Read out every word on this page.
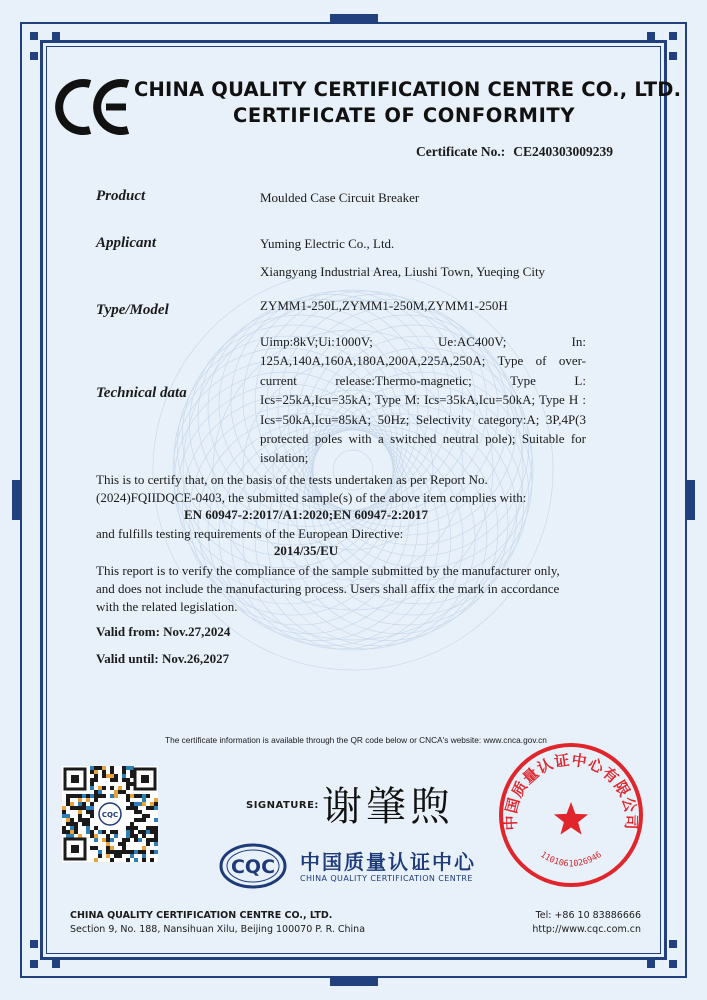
CHINA QUALITY CERTIFICATION CENTRE CO., LTD.
CERTIFICATE OF CONFORMITY
Certificate No.: CE240303009239
Product	Moulded Case Circuit Breaker
Applicant	Yuming Electric Co., Ltd.
Xiangyang Industrial Area, Liushi Town, Yueqing City
Type/Model	ZYMM1-250L,ZYMM1-250M,ZYMM1-250H
Technical data
Uimp:8kV;Ui:1000V; Ue:AC400V; In: 125A,140A,160A,180A,200A,225A,250A; Type of over-current release:Thermo-magnetic; Type L: Ics=25kA,Icu=35kA; Type M: Ics=35kA,Icu=50kA; Type H : Ics=50kA,Icu=85kA; 50Hz; Selectivity category:A; 3P,4P(3 protected poles with a switched neutral pole); Suitable for isolation;
This is to certify that, on the basis of the tests undertaken as per Report No.
(2024)FQIIDQCE-0403, the submitted sample(s) of the above item complies with:
EN 60947-2:2017/A1:2020;EN 60947-2:2017
and fulfills testing requirements of the European Directive:
2014/35/EU
This report is to verify the compliance of the sample submitted by the manufacturer only,
and does not include the manufacturing process. Users shall affix the mark in accordance
with the related legislation.
Valid from: Nov.27,2024
Valid until: Nov.26,2027
The certificate information is available through the QR code below or CNCA's website: www.cnca.gov.cn
CQC
SIGNATURE: 谢肇煦
CQC 中国质量认证中心
CHINA QUALITY CERTIFICATION CENTRE
中国质量认证中心有限公司
1101061026946
CHINA QUALITY CERTIFICATION CENTRE CO., LTD.
Section 9, No. 188, Nansihuan Xilu, Beijing 100070 P. R. China
Tel: +86 10 83886666
http://www.cqc.com.cn
